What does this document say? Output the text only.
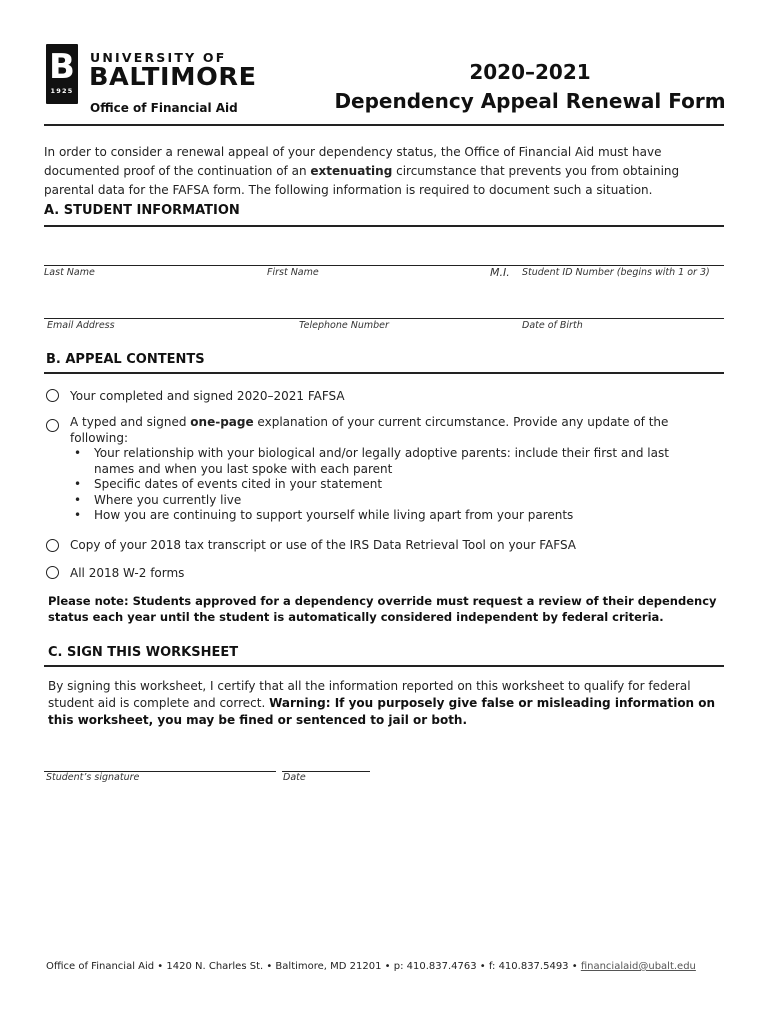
B
1925
UNIVERSITY OF
BALTIMORE
Office of Financial Aid
2020–2021
Dependency Appeal Renewal Form
In order to consider a renewal appeal of your dependency status, the Office of Financial Aid must have documented proof of the continuation of an extenuating circumstance that prevents you from obtaining parental data for the FAFSA form. The following information is required to document such a situation.
A. STUDENT INFORMATION
Last Name	First Name	M.I. Student ID Number (begins with 1 or 3)
Email Address	Telephone Number	Date of Birth
B. APPEAL CONTENTS
Your completed and signed 2020–2021 FAFSA
A typed and signed one-page explanation of your current circumstance. Provide any update of the following:
• Your relationship with your biological and/or legally adoptive parents: include their first and last names and when you last spoke with each parent
• Specific dates of events cited in your statement
• Where you currently live
• How you are continuing to support yourself while living apart from your parents
Copy of your 2018 tax transcript or use of the IRS Data Retrieval Tool on your FAFSA
All 2018 W-2 forms
Please note: Students approved for a dependency override must request a review of their dependency status each year until the student is automatically considered independent by federal criteria.
C. SIGN THIS WORKSHEET
By signing this worksheet, I certify that all the information reported on this worksheet to qualify for federal student aid is complete and correct. Warning: If you purposely give false or misleading information on this worksheet, you may be fined or sentenced to jail or both.
Student’s signature	Date
Office of Financial Aid • 1420 N. Charles St. • Baltimore, MD 21201 • p: 410.837.4763 • f: 410.837.5493 • financialaid@ubalt.edu
